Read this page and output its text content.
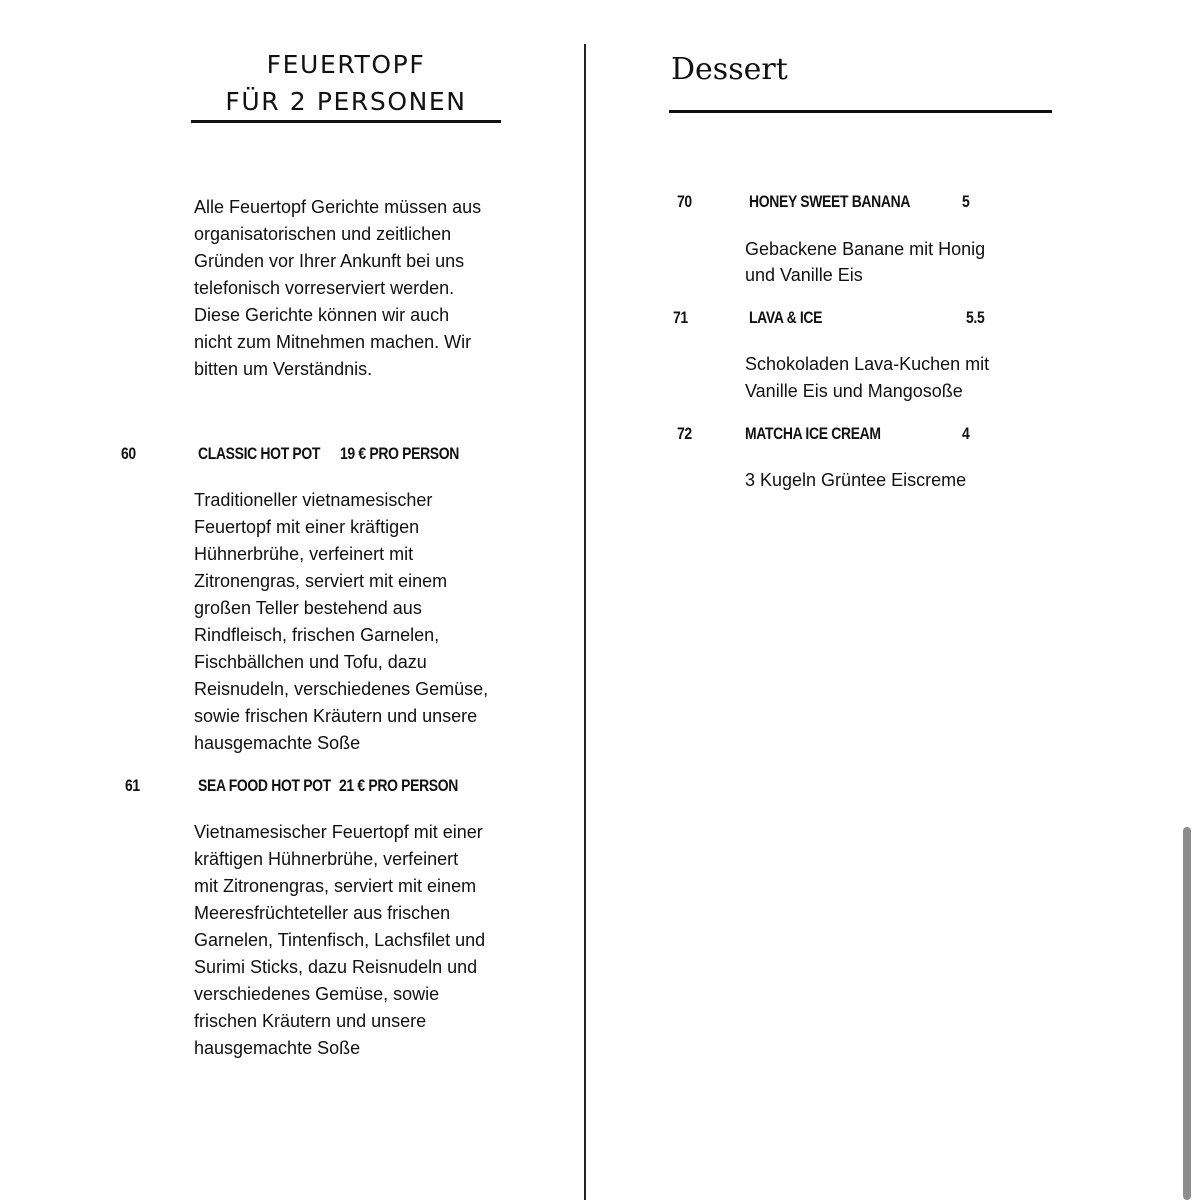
FEUERTOPF
FÜR 2 PERSONEN
Alle Feuertopf Gerichte müssen aus
organisatorischen und zeitlichen
Gründen vor Ihrer Ankunft bei uns
telefonisch vorreserviert werden.
Diese Gerichte können wir auch
nicht zum Mitnehmen machen. Wir
bitten um Verständnis.
60	CLASSIC HOT POT 19 € PRO PERSON
Traditioneller vietnamesischer
Feuertopf mit einer kräftigen
Hühnerbrühe, verfeinert mit
Zitronengras, serviert mit einem
großen Teller bestehend aus
Rindfleisch, frischen Garnelen,
Fischbällchen und Tofu, dazu
Reisnudeln, verschiedenes Gemüse,
sowie frischen Kräutern und unsere
hausgemachte Soße
61	SEA FOOD HOT POT 21 € PRO PERSON
Vietnamesischer Feuertopf mit einer
kräftigen Hühnerbrühe, verfeinert
mit Zitronengras, serviert mit einem
Meeresfrüchteteller aus frischen
Garnelen, Tintenfisch, Lachsfilet und
Surimi Sticks, dazu Reisnudeln und
verschiedenes Gemüse, sowie
frischen Kräutern und unsere
hausgemachte Soße
Dessert
70	HONEY SWEET BANANA	5
Gebackene Banane mit Honig
und Vanille Eis
71	LAVA & ICE	5.5
Schokoladen Lava-Kuchen mit
Vanille Eis und Mangosoße
72	MATCHA ICE CREAM	4
3 Kugeln Grüntee Eiscreme
